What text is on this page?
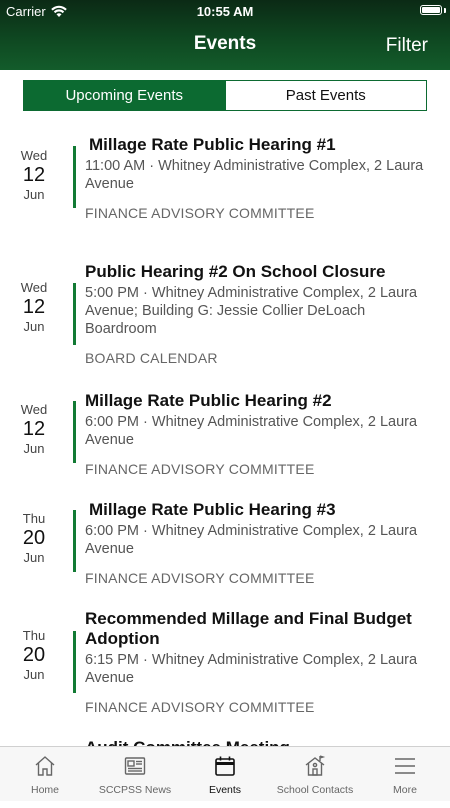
Carrier	10:55 AM
Events	Filter
Upcoming Events	Past Events
Wed
12
Jun
Millage Rate Public Hearing #1
11:00 AM · Whitney Administrative Complex, 2 Laura Avenue
FINANCE ADVISORY COMMITTEE
Wed
12
Jun
Public Hearing #2 On School Closure
5:00 PM · Whitney Administrative Complex, 2 Laura Avenue; Building G: Jessie Collier DeLoach Boardroom
BOARD CALENDAR
Wed
12
Jun
Millage Rate Public Hearing #2
6:00 PM · Whitney Administrative Complex, 2 Laura Avenue
FINANCE ADVISORY COMMITTEE
Thu
20
Jun
Millage Rate Public Hearing #3
6:00 PM · Whitney Administrative Complex, 2 Laura Avenue
FINANCE ADVISORY COMMITTEE
Thu
20
Jun
Recommended Millage and Final Budget Adoption
6:15 PM · Whitney Administrative Complex, 2 Laura Avenue
FINANCE ADVISORY COMMITTEE
Home	SCCPSS News	Events	School Contacts	More
